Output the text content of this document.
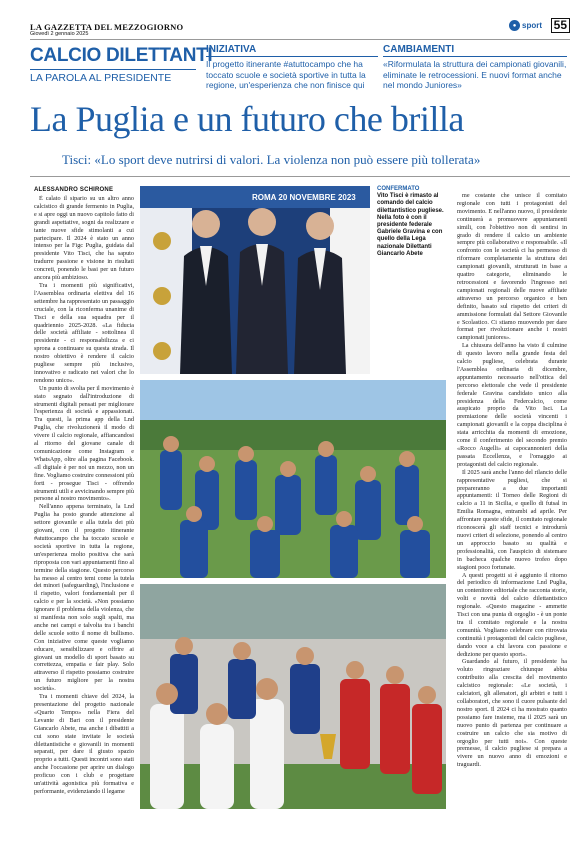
LA GAZZETTA DEL MEZZOGIORNO
Giovedì 2 gennaio 2025
● sport 55
CALCIO DILETTANTI
LA PAROLA AL PRESIDENTE
INIZIATIVA
Il progetto itinerante #atuttocampo che ha toccato scuole e società sportive in tutta la regione, un'esperienza che non finisce qui
CAMBIAMENTI
«Riformulata la struttura dei campionati giovanili, eliminate le retrocessioni. E nuovi format anche nel mondo Juniores»
La Puglia e un futuro che brilla
Tisci: «Lo sport deve nutrirsi di valori. La violenza non può essere più tollerata»
ALESSANDRO SCHIRONE

È calato il sipario su un altro anno calcistico di grande fermento in Puglia, e si apre oggi un nuovo capitolo fatto di grandi aspettative, sogni da realizzare e tante nuove sfide stimolanti a cui partecipare. Il 2024 è stato un anno intenso per la Figc Puglia, guidata dal presidente Vito Tisci, che ha saputo tradurre passione e visione in risultati concreti, ponendo le basi per un futuro ancora più ambizioso.

Tra i momenti più significativi, l'Assemblea ordinaria elettiva del 16 settembre ha rappresentato un passaggio cruciale, con la riconferma unanime di Tisci e della sua squadra per il quadriennio 2025-2028. «La fiducia delle società affiliate - sottolinea il presidente - ci responsabilizza e ci sprona a continuare su questa strada. Il nostro obiettivo è rendere il calcio pugliese sempre più inclusivo, innovativo e radicato nei valori che lo rendono unico».

Un punto di svolta per il movimento è stato segnato dall'introduzione di strumenti digitali pensati per migliorare l'esperienza di società e appassionati. Tra questi, la prima app della Lnd Puglia, che rivoluzionerà il modo di vivere il calcio regionale, affiancandosi al ritorno del giovane canale di comunicazione come Instagram e WhatsApp, oltre alla pagina Facebook. «Il digitale è per noi un mezzo, non un fine. Vogliamo costruire connessioni più forti - prosegue Tisci - offrendo strumenti utili e avvicinando sempre più persone al nostro movimento».

Nell'anno appena terminato, la Lnd Puglia ha posto grande attenzione al settore giovanile e alla tutela dei più giovani, con il progetto itinerante #atuttocampo che ha toccato scuole e società sportive in tutta la regione, un'esperienza molto positiva che sarà riproposta con vari appuntamenti fino al termine della stagione. Questo percorso ha messo al centro temi come la tutela dei minori (safeguarding), l'inclusione e il rispetto, valori fondamentali per il calcio e per la società. «Non possiamo ignorare il problema della violenza, che si manifesta non solo sugli spalti, ma anche nei campi e talvolta tra i banchi delle scuole sotto il nome di bullismo. Con iniziative come queste vogliamo educare, sensibilizzare e offrire ai giovani un modello di sport basato su correttezza, empatia e fair play. Solo attraverso il rispetto possiamo costruire un futuro migliore per la nostra società».

Tra i momenti chiave del 2024, la presentazione del progetto nazionale «Quarto Tempo» nella Fiera del Levante di Bari con il presidente Giancarlo Abete, ma anche i dibattiti a cui sono state invitate le società dilettantistiche e giovanili in momenti separati, per dare il giusto spazio proprio a tutti. Questi incontri sono stati anche l'occasione per aprire un dialogo proficuo con i club e progettare un'attività agonistica più formativa e performante, evidenziando il legame

me costante che unisce il comitato regionale con tutti i protagonisti del movimento. E nell'anno nuovo, il presidente continuerà a promuovere appuntamenti simili, con l'obiettivo non di sentirsi in grado di rendere il calcio un ambiente sempre più collaborativo e responsabile. «Il confronto con le società ci ha permesso di riformare completamente la struttura dei campionati giovanili, strutturati in base a quattro categorie, eliminando le retrocessioni e favorendo l'ingresso nei campionati regionali delle nuove affiliate attraverso un percorso organico e ben definito, basato sul rispetto dei criteri di ammissione formulati dal Settore Giovanile e Scolastico. Ci stiamo muovendo per dare format per rivoluzionare anche i nostri campionati juniores».

La chiusura dell'anno ha visto il culmine di questo lavoro nella grande festa del calcio pugliese, celebrata durante l'Assemblea ordinaria di dicembre, appuntamento necessario nell'ottica del percorso elettorale che vede il presidente federale Gravina candidato unico alla presidenza della Federcalcio, come auspicato proprio da Vito Isci. La premiazione delle società vincenti i campionati giovanili e la coppa disciplina è stata arricchita da momenti di emozione, come il conferimento del secondo premio «Rocco Augelli» ai capocannonieri della passata Eccellenza, e l'omaggio ai protagonisti del calcio regionale.

Il 2025 sarà anche l'anno del rilancio delle rappresentative pugliesi, che si prepareranno a due importanti appuntamenti: il Torneo delle Regioni di calcio a 11 in Sicilia, e quello di futsal in Emilia Romagna, entrambi ad aprile. Per affrontare queste sfide, il comitato regionale riconoscerà gli staff tecnici e introdurrà nuovi criteri di selezione, ponendo al centro un approccio basato su qualità e professionalità, con l'auspicio di sistemare in bacheca qualche nuovo trofeo dopo stagioni poco fortunate.

A questi progetti si è aggiunto il ritorno del periodico di informazione Lnd Puglia, un contenitore editoriale che racconta storie, volti e novità del calcio dilettantistico regionale. «Questo magazine - ammette Tisci con una punta di orgoglio - è un ponte tra il comitato regionale e la nostra comunità. Vogliamo celebrare con ritrovata continuità i protagonisti del calcio pugliese, dando voce a chi lavora con passione e dedizione per questo sport».

Guardando al futuro, il presidente ha voluto ringraziare chiunque abbia contribuito alla crescita del movimento calcistico regionale: «Le società, i calciatori, gli allenatori, gli arbitri e tutti i collaboratori, che sono il cuore pulsante del nostro sport. Il 2024 ci ha mostrato quanto possiamo fare insieme, ma il 2025 sarà un nuovo punto di partenza per continuare a costruire un calcio che sia motivo di orgoglio per tutti noi». Con queste premesse, il calcio pugliese si prepara a vivere un nuovo anno di emozioni e traguardi.

ROMA 20 NOVEMBRE 2023
CONFERMATO
Vito Tisci è rimasto al comando del calcio dilettantistico pugliese. Nella foto è con il presidente federale Gabriele Gravina e con quello della Lega nazionale Dilettanti Giancarlo Abete
